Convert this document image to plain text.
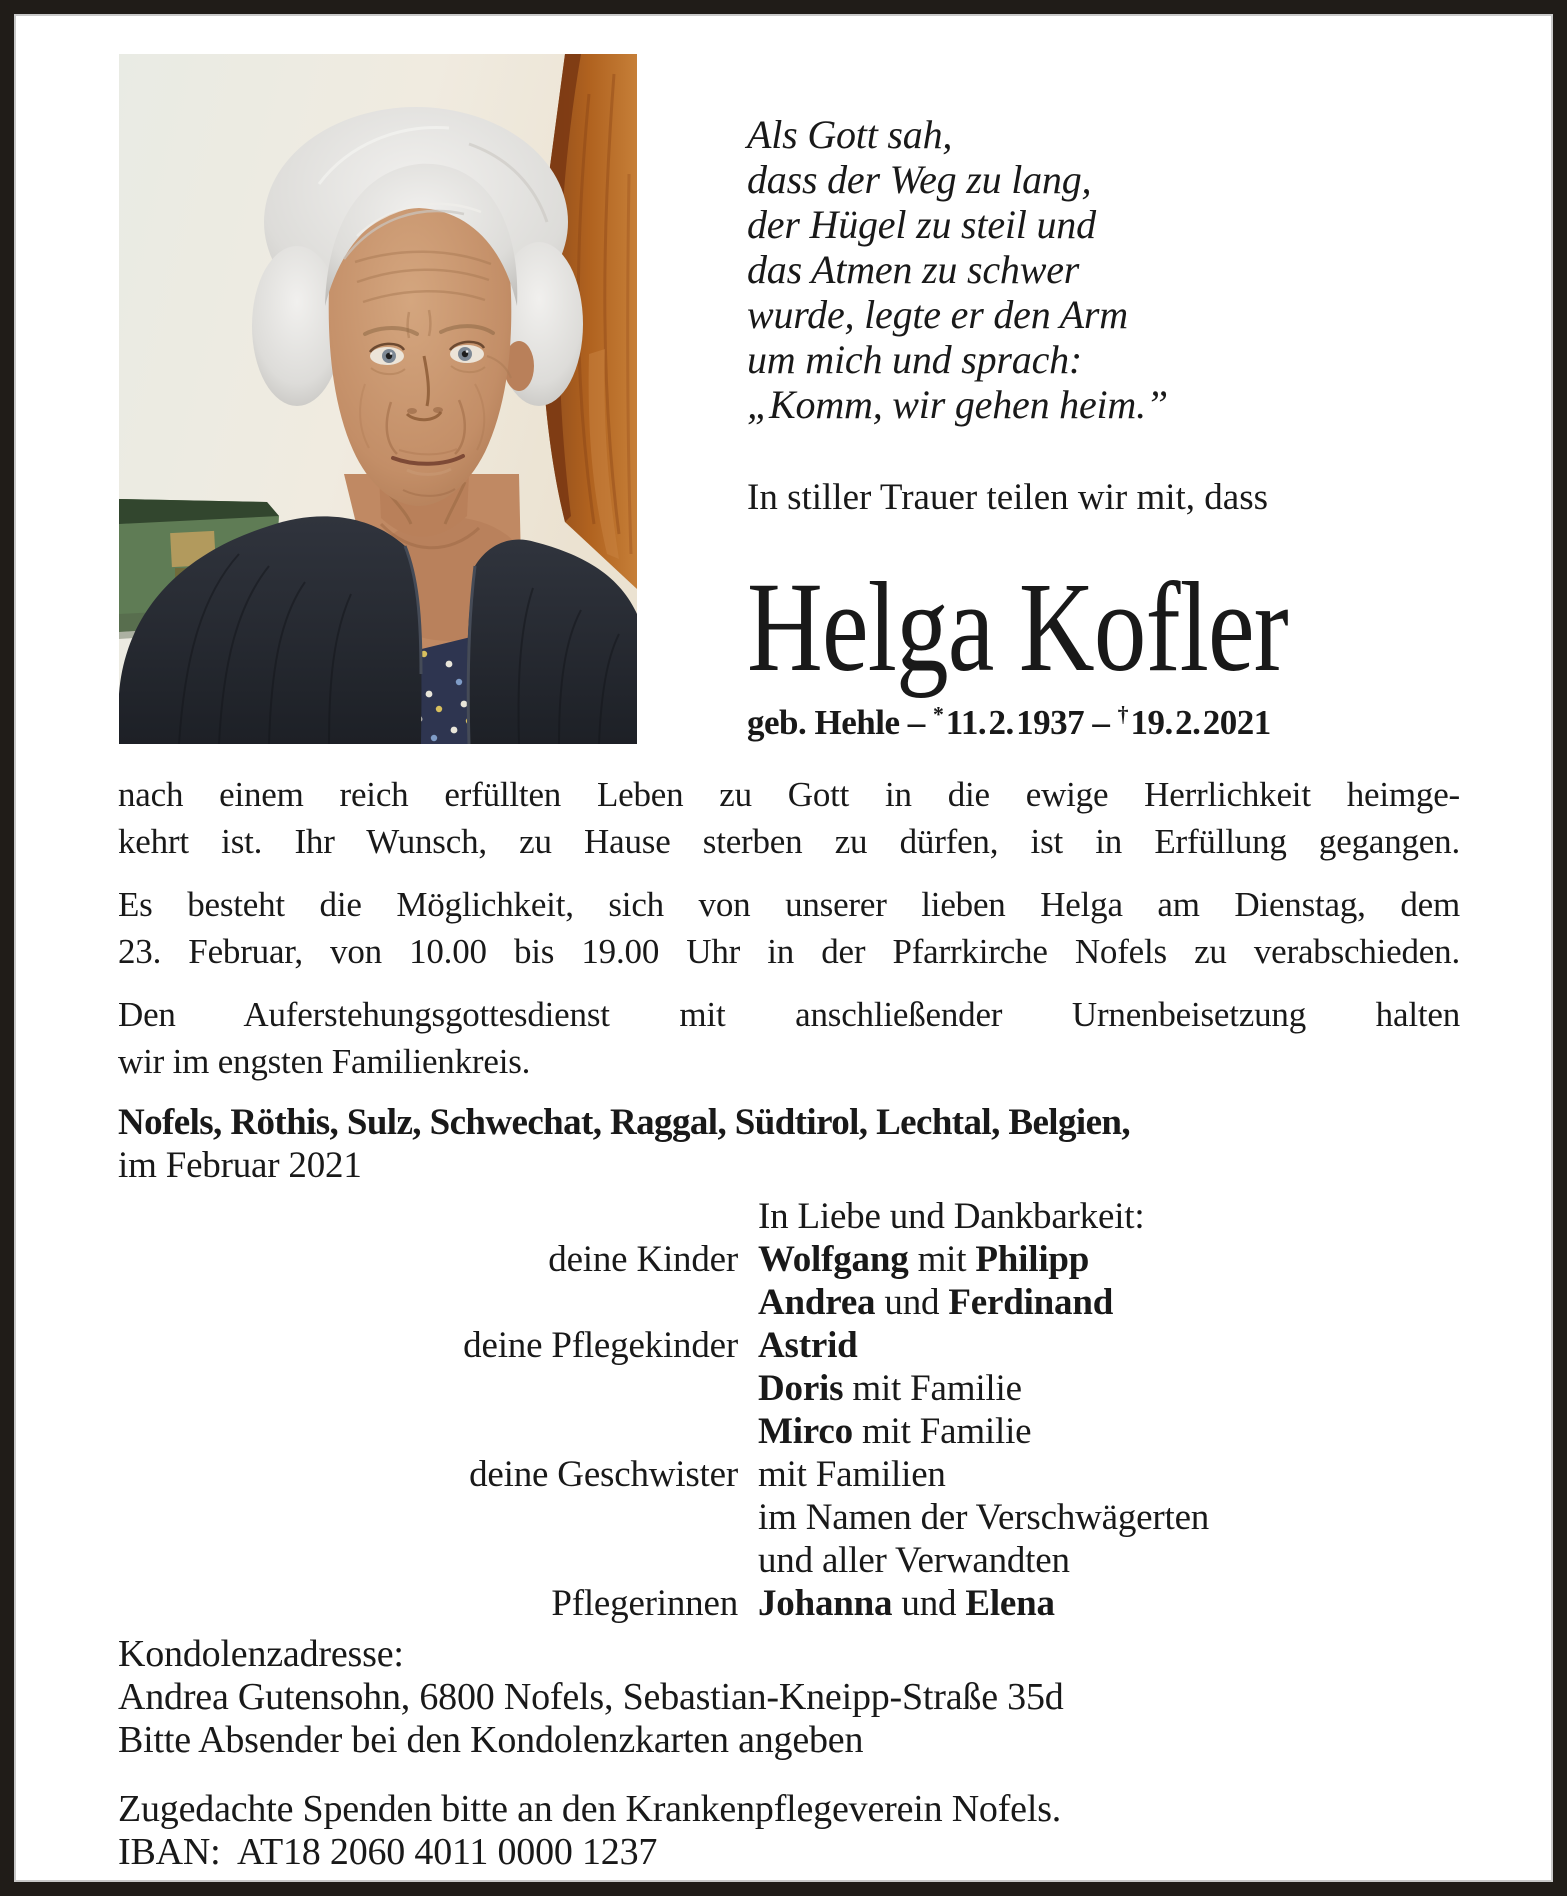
Als Gott sah,
dass der Weg zu lang,
der Hügel zu steil und
das Atmen zu schwer
wurde, legte er den Arm
um mich und sprach:
„Komm, wir gehen heim.”
In stiller Trauer teilen wir mit, dass
Helga Kofler
geb. Hehle – * 11. 2. 1937 – † 19. 2. 2021
nach einem reich erfüllten Leben zu Gott in die ewige Herrlichkeit heimge-
kehrt ist. Ihr Wunsch, zu Hause sterben zu dürfen, ist in Erfüllung gegangen.
Es besteht die Möglichkeit, sich von unserer lieben Helga am Dienstag, dem
23. Februar, von 10.00 bis 19.00 Uhr in der Pfarrkirche Nofels zu verabschieden.
Den Auferstehungsgottesdienst mit anschließender Urnenbeisetzung halten
wir im engsten Familienkreis.
Nofels, Röthis, Sulz, Schwechat, Raggal, Südtirol, Lechtal, Belgien,
im Februar 2021
In Liebe und Dankbarkeit:
deine Kinder Wolfgang mit Philipp
Andrea und Ferdinand
deine Pflegekinder Astrid
Doris mit Familie
Mirco mit Familie
deine Geschwister mit Familien
im Namen der Verschwägerten
und aller Verwandten
Pflegerinnen Johanna und Elena
Kondolenzadresse:
Andrea Gutensohn, 6800 Nofels, Sebastian-Kneipp-Straße 35d
Bitte Absender bei den Kondolenzkarten angeben
Zugedachte Spenden bitte an den Krankenpflegeverein Nofels.
IBAN:  AT18 2060 4011 0000 1237
